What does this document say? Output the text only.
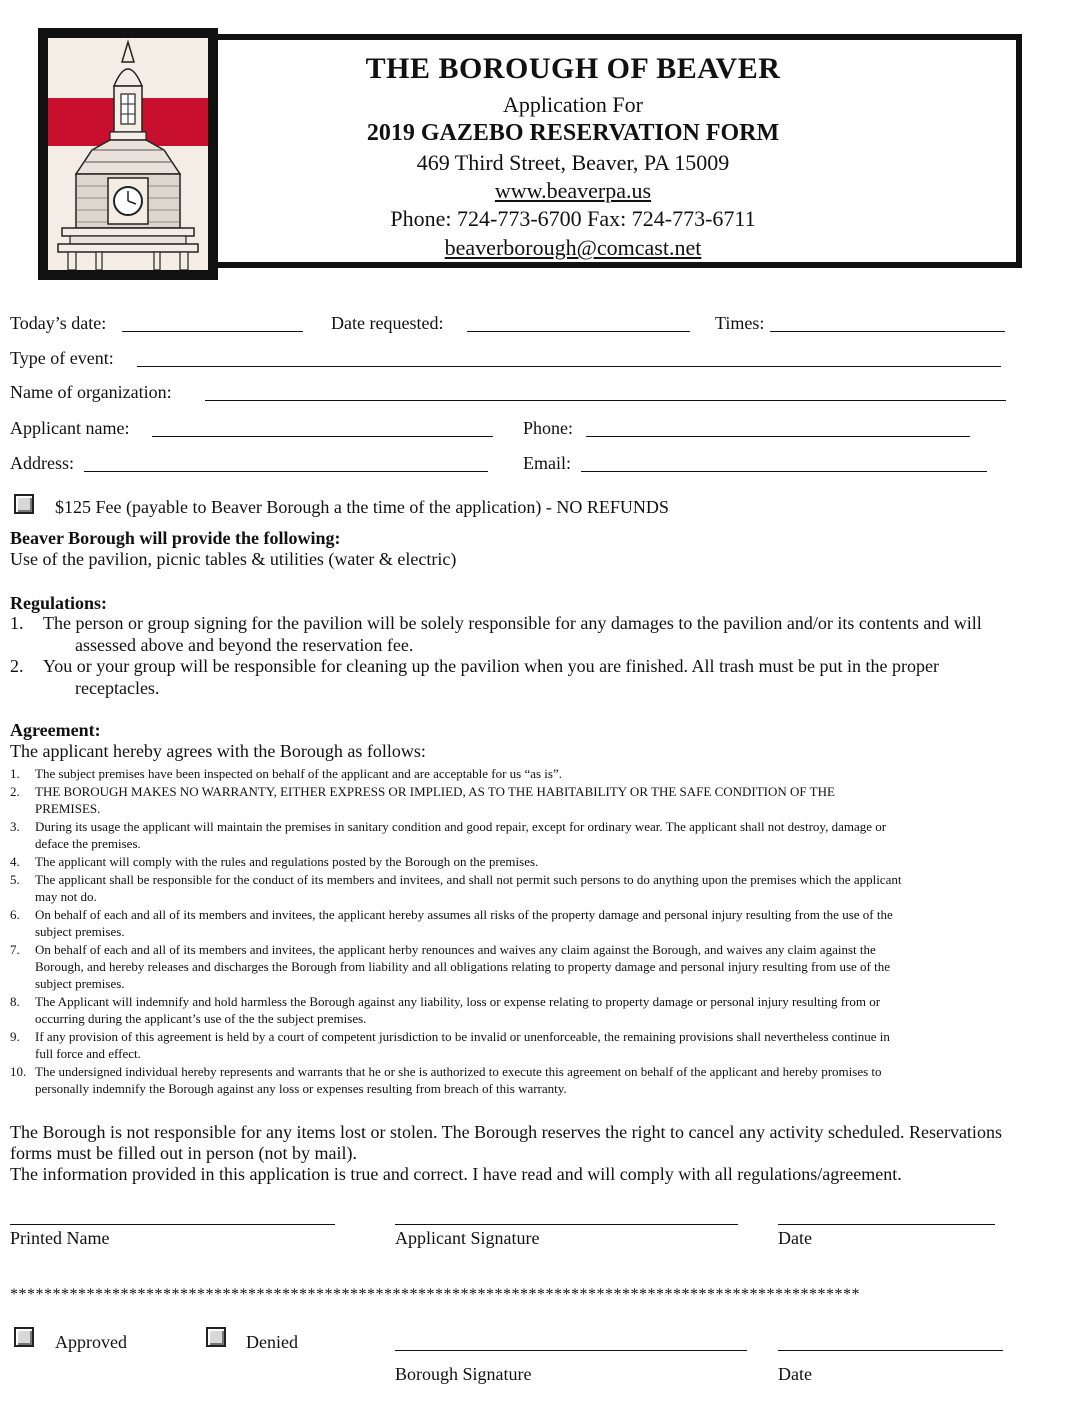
THE BOROUGH OF BEAVER
Application For
2019 GAZEBO RESERVATION FORM
469 Third Street, Beaver, PA 15009
www.beaverpa.us
Phone: 724-773-6700 Fax: 724-773-6711
beaverborough@comcast.net
Today’s date:	Date requested:	Times:
Type of event:
Name of organization:
Applicant name:	Phone:
Address:	Email:
$125 Fee (payable to Beaver Borough a the time of the application) - NO REFUNDS
Beaver Borough will provide the following:
Use of the pavilion, picnic tables & utilities (water & electric)
Regulations:
1. The person or group signing for the pavilion will be solely responsible for any damages to the pavilion and/or its contents and will
assessed above and beyond the reservation fee.
2. You or your group will be responsible for cleaning up the pavilion when you are finished. All trash must be put in the proper
receptacles.
Agreement:
The applicant hereby agrees with the Borough as follows:
1. The subject premises have been inspected on behalf of the applicant and are acceptable for us “as is”.
2. THE BOROUGH MAKES NO WARRANTY, EITHER EXPRESS OR IMPLIED, AS TO THE HABITABILITY OR THE SAFE CONDITION OF THE
PREMISES.
3. During its usage the applicant will maintain the premises in sanitary condition and good repair, except for ordinary wear. The applicant shall not destroy, damage or
deface the premises.
4. The applicant will comply with the rules and regulations posted by the Borough on the premises.
5. The applicant shall be responsible for the conduct of its members and invitees, and shall not permit such persons to do anything upon the premises which the applicant
may not do.
6. On behalf of each and all of its members and invitees, the applicant hereby assumes all risks of the property damage and personal injury resulting from the use of the
subject premises.
7. On behalf of each and all of its members and invitees, the applicant herby renounces and waives any claim against the Borough, and waives any claim against the
Borough, and hereby releases and discharges the Borough from liability and all obligations relating to property damage and personal injury resulting from use of the
subject premises.
8. The Applicant will indemnify and hold harmless the Borough against any liability, loss or expense relating to property damage or personal injury resulting from or
occurring during the applicant’s use of the the subject premises.
9. If any provision of this agreement is held by a court of competent jurisdiction to be invalid or unenforceable, the remaining provisions shall nevertheless continue in
full force and effect.
10. The undersigned individual hereby represents and warrants that he or she is authorized to execute this agreement on behalf of the applicant and hereby promises to
personally indemnify the Borough against any loss or expenses resulting from breach of this warranty.
The Borough is not responsible for any items lost or stolen. The Borough reserves the right to cancel any activity scheduled. Reservations
forms must be filled out in person (not by mail).
The information provided in this application is true and correct. I have read and will comply with all regulations/agreement.
Printed Name	Applicant Signature	Date
****************************************************************************************************
Approved	Denied
Borough Signature	Date
